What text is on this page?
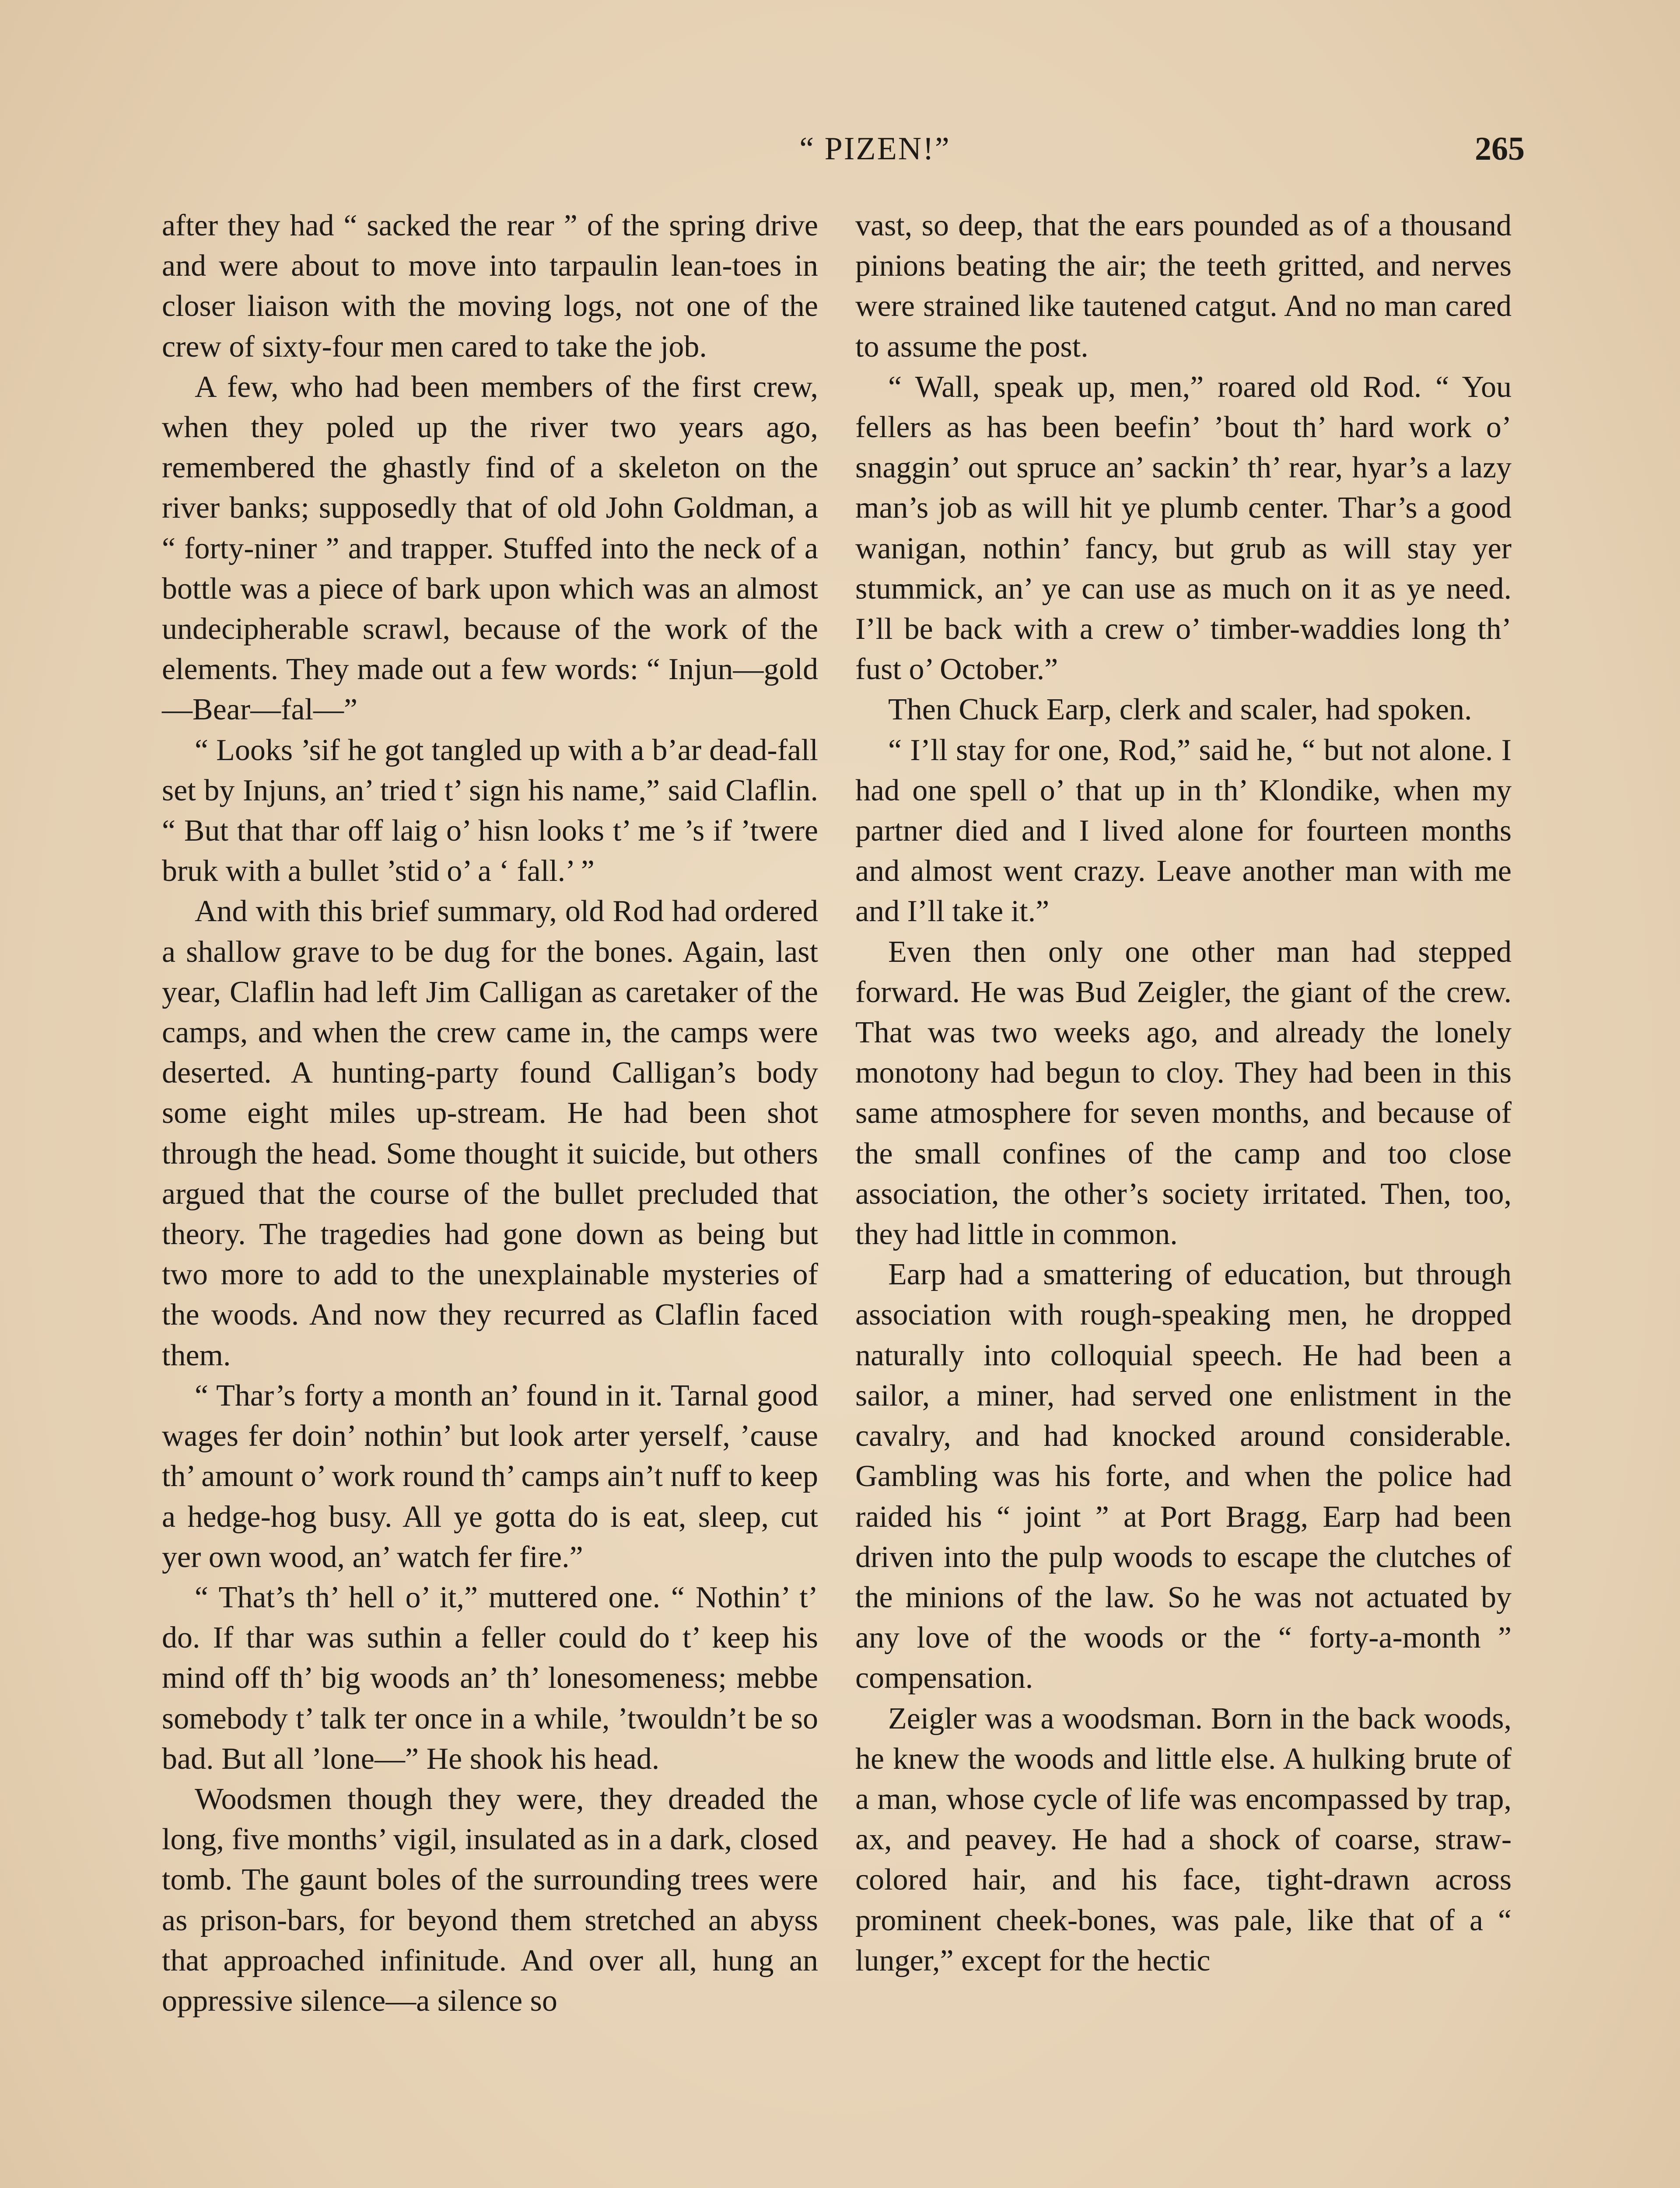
“ PIZEN!”	265

after they had “ sacked the rear ” of the spring drive and were about to move into tarpaulin lean-toes in closer liaison with the moving logs, not one of the crew of sixty-four men cared to take the job.

A few, who had been members of the first crew, when they poled up the river two years ago, remembered the ghastly find of a skeleton on the river banks; supposedly that of old John Goldman, a “ forty-niner ” and trapper. Stuffed into the neck of a bottle was a piece of bark upon which was an almost undecipherable scrawl, because of the work of the elements. They made out a few words: “ Injun—gold—Bear—fal—”

“ Looks ’sif he got tangled up with a b’ar dead-fall set by Injuns, an’ tried t’ sign his name,” said Claflin. “ But that thar off laig o’ hisn looks t’ me ’s if ’twere bruk with a bullet ’stid o’ a ‘ fall.’ ”

And with this brief summary, old Rod had ordered a shallow grave to be dug for the bones. Again, last year, Claflin had left Jim Calligan as caretaker of the camps, and when the crew came in, the camps were deserted. A hunting-party found Calligan’s body some eight miles up-stream. He had been shot through the head. Some thought it suicide, but others argued that the course of the bullet precluded that theory. The tragedies had gone down as being but two more to add to the unexplainable mysteries of the woods. And now they recurred as Claflin faced them.

“ Thar’s forty a month an’ found in it. Tarnal good wages fer doin’ nothin’ but look arter yerself, ’cause th’ amount o’ work round th’ camps ain’t nuff to keep a hedge-hog busy. All ye gotta do is eat, sleep, cut yer own wood, an’ watch fer fire.”

“ That’s th’ hell o’ it,” muttered one. “ Nothin’ t’ do. If thar was suthin a feller could do t’ keep his mind off th’ big woods an’ th’ lonesomeness; mebbe somebody t’ talk ter once in a while, ’twouldn’t be so bad. But all ’lone—” He shook his head.

Woodsmen though they were, they dreaded the long, five months’ vigil, insulated as in a dark, closed tomb. The gaunt boles of the surrounding trees were as prison-bars, for beyond them stretched an abyss that approached infinitude. And over all, hung an oppressive silence—a silence so

vast, so deep, that the ears pounded as of a thousand pinions beating the air; the teeth gritted, and nerves were strained like tautened catgut. And no man cared to assume the post.

“ Wall, speak up, men,” roared old Rod. “ You fellers as has been beefin’ ’bout th’ hard work o’ snaggin’ out spruce an’ sackin’ th’ rear, hyar’s a lazy man’s job as will hit ye plumb center. Thar’s a good wanigan, nothin’ fancy, but grub as will stay yer stummick, an’ ye can use as much on it as ye need. I’ll be back with a crew o’ timber-waddies long th’ fust o’ October.”

Then Chuck Earp, clerk and scaler, had spoken.

“ I’ll stay for one, Rod,” said he, “ but not alone. I had one spell o’ that up in th’ Klondike, when my partner died and I lived alone for fourteen months and almost went crazy. Leave another man with me and I’ll take it.”

Even then only one other man had stepped forward. He was Bud Zeigler, the giant of the crew. That was two weeks ago, and already the lonely monotony had begun to cloy. They had been in this same atmosphere for seven months, and because of the small confines of the camp and too close association, the other’s society irritated. Then, too, they had little in common.

Earp had a smattering of education, but through association with rough-speaking men, he dropped naturally into colloquial speech. He had been a sailor, a miner, had served one enlistment in the cavalry, and had knocked around considerable. Gambling was his forte, and when the police had raided his “ joint ” at Port Bragg, Earp had been driven into the pulp woods to escape the clutches of the minions of the law. So he was not actuated by any love of the woods or the “ forty-a-month ” compensation.

Zeigler was a woodsman. Born in the back woods, he knew the woods and little else. A hulking brute of a man, whose cycle of life was encompassed by trap, ax, and peavey. He had a shock of coarse, straw-colored hair, and his face, tight-drawn across prominent cheek-bones, was pale, like that of a “ lunger,” except for the hectic
